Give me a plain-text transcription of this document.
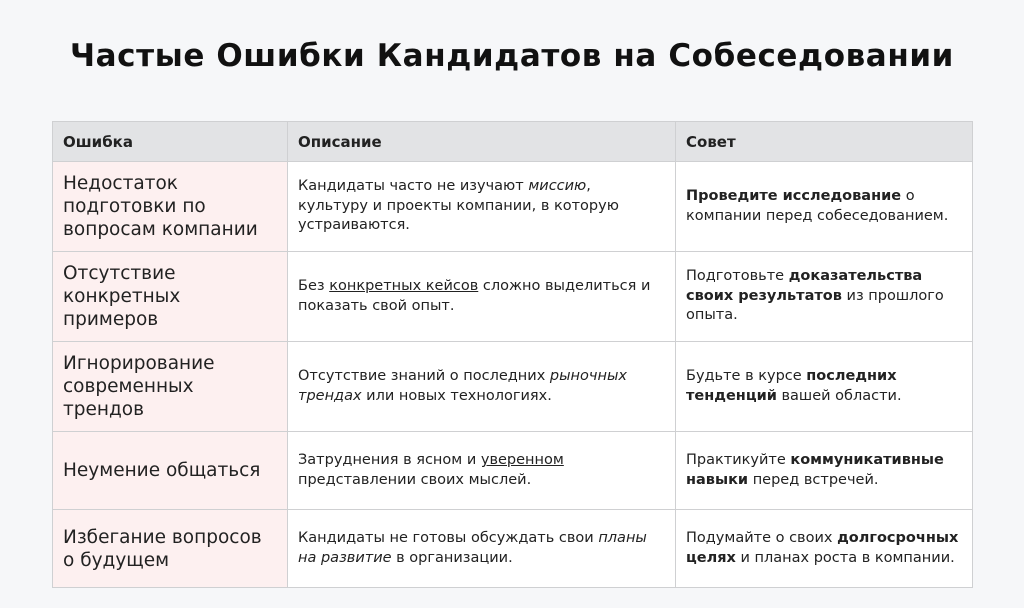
Частые Ошибки Кандидатов на Собеседовании
Ошибка	Описание	Совет
Недостаток подготовки по вопросам компании	Кандидаты часто не изучают миссию, культуру и проекты компании, в которую устраиваются.	Проведите исследование о компании перед собеседованием.
Отсутствие конкретных примеров	Без конкретных кейсов сложно выделиться и показать свой опыт.	Подготовьте доказательства своих результатов из прошлого опыта.
Игнорирование современных трендов	Отсутствие знаний о последних рыночных трендах или новых технологиях.	Будьте в курсе последних тенденций вашей области.
Неумение общаться	Затруднения в ясном и уверенном представлении своих мыслей.	Практикуйте коммуникативные навыки перед встречей.
Избегание вопросов о будущем	Кандидаты не готовы обсуждать свои планы на развитие в организации.	Подумайте о своих долгосрочных целях и планах роста в компании.
